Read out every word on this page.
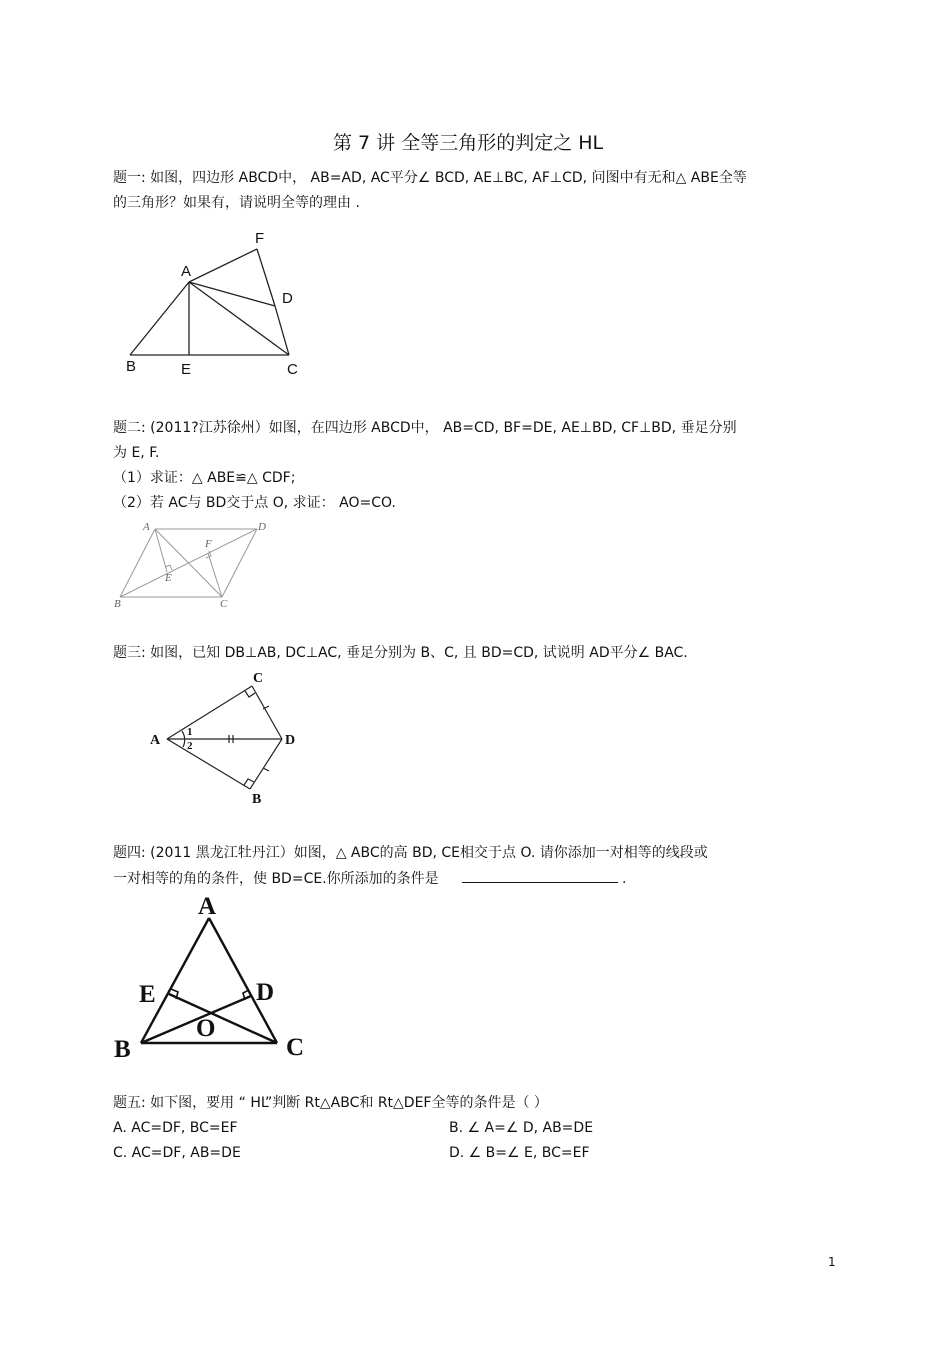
第 7 讲 全等三角形的判定之 HL
题一: 如图，四边形 ABCD中， AB=AD, AC平分∠ BCD, AE⊥BC, AF⊥CD, 问图中有无和△ ABE全等
的三角形？如果有，请说明全等的理由 .
A
B	E	C
D
F
题二: (2011?江苏徐州）如图，在四边形 ABCD中， AB=CD, BF=DE, AE⊥BD, CF⊥BD, 垂足分别
为 E, F.
（1）求证：△ ABE≌△ CDF;
（2）若 AC与 BD交于点 O, 求证： AO=CO.
A	D
B	C
E
F
题三: 如图，已知 DB⊥AB, DC⊥AC, 垂足分别为 B、C, 且 BD=CD, 试说明 AD平分∠ BAC.
A
C
D
B
1
2
题四: (2011 黑龙江牡丹江）如图，△ ABC的高 BD, CE相交于点 O. 请你添加一对相等的线段或
一对相等的角的条件，使 BD=CE.你所添加的条件是	.
A
E	D
O
B	C
题五: 如下图，要用 “ HL”判断 Rt△ABC和 Rt△DEF全等的条件是（ ）
A. AC=DF, BC=EF	B. ∠ A=∠ D, AB=DE
C. AC=DF, AB=DE	D. ∠ B=∠ E, BC=EF
1
